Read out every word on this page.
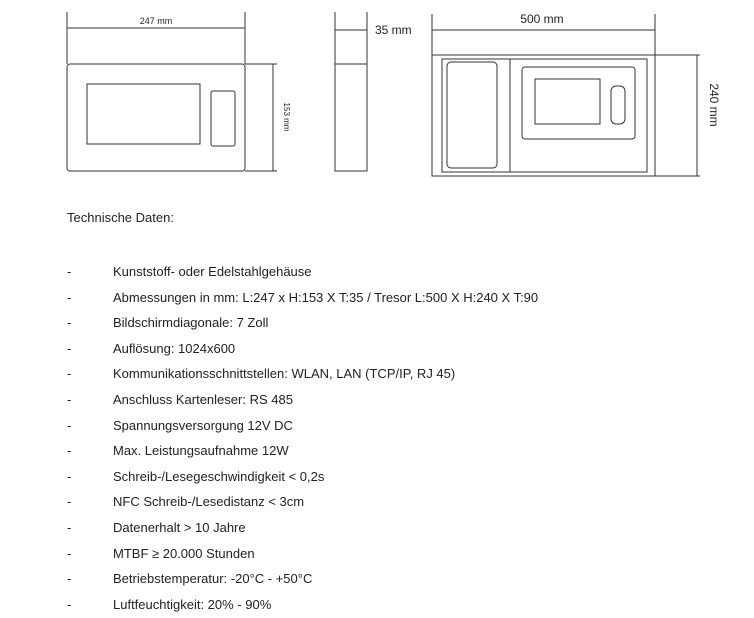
247 mm
153 mm
35 mm
500 mm
240 mm
Technische Daten:
-	Kunststoff- oder Edelstahlgehäuse
-	Abmessungen in mm: L:247 x H:153 X T:35 / Tresor L:500 X H:240 X T:90
-	Bildschirmdiagonale: 7 Zoll
-	Auflösung: 1024x600
-	Kommunikationsschnittstellen: WLAN, LAN (TCP/IP, RJ 45)
-	Anschluss Kartenleser: RS 485
-	Spannungsversorgung 12V DC
-	Max. Leistungsaufnahme 12W
-	Schreib-/Lesegeschwindigkeit < 0,2s
-	NFC Schreib-/Lesedistanz < 3cm
-	Datenerhalt > 10 Jahre
-	MTBF ≥ 20.000 Stunden
-	Betriebstemperatur: -20°C - +50°C
-	Luftfeuchtigkeit: 20% - 90%
